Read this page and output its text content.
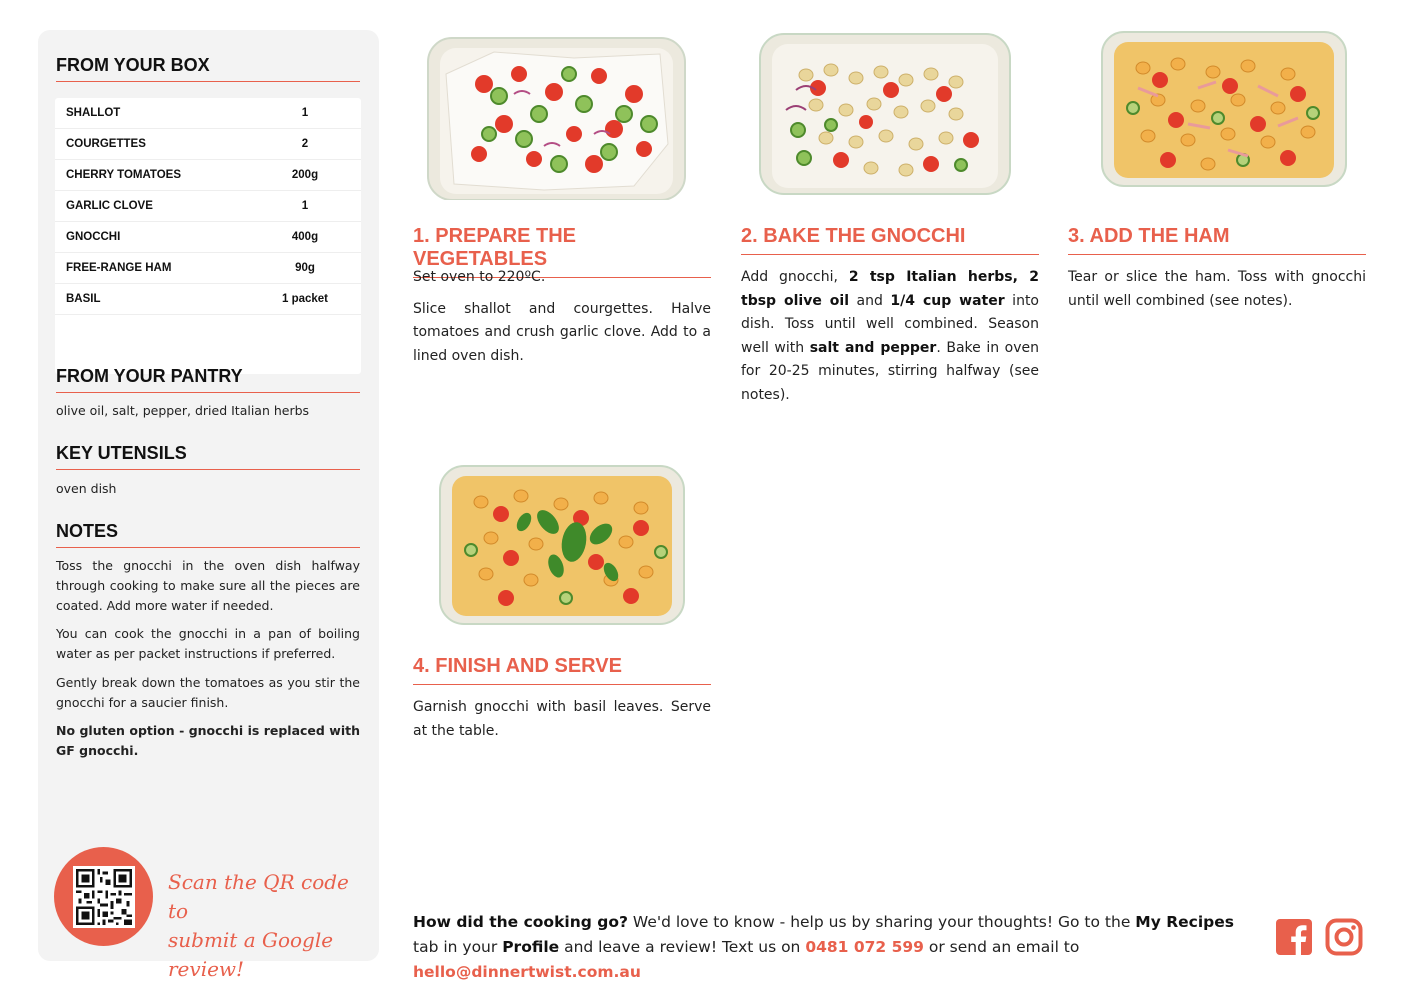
FROM YOUR BOX
SHALLOT	1
COURGETTES	2
CHERRY TOMATOES	200g
GARLIC CLOVE	1
GNOCCHI	400g
FREE-RANGE HAM	90g
BASIL	1 packet
FROM YOUR PANTRY
olive oil, salt, pepper, dried Italian herbs
KEY UTENSILS
oven dish
NOTES

Toss the gnocchi in the oven dish halfway through cooking to make sure all the pieces are coated. Add more water if needed.

You can cook the gnocchi in a pan of boiling water as per packet instructions if preferred.

Gently break down the tomatoes as you stir the gnocchi for a saucier finish.

No gluten option - gnocchi is replaced with GF gnocchi.

Scan the QR code to
submit a Google review!
1. PREPARE THE VEGETABLES

Set oven to 220ºC.

Slice shallot and courgettes. Halve tomatoes and crush garlic clove. Add to a lined oven dish.

2. BAKE THE GNOCCHI

Add gnocchi, 2 tsp Italian herbs, 2 tbsp olive oil and 1/4 cup water into dish. Toss until well combined. Season well with salt and pepper. Bake in oven for 20-25 minutes, stirring halfway (see notes).

3. ADD THE HAM

Tear or slice the ham. Toss with gnocchi until well combined (see notes).

4. FINISH AND SERVE

Garnish gnocchi with basil leaves. Serve at the table.

How did the cooking go? We'd love to know - help us by sharing your thoughts! Go to the My Recipes tab in your Profile and leave a review! Text us on 0481 072 599 or send an email to hello@dinnertwist.com.au
